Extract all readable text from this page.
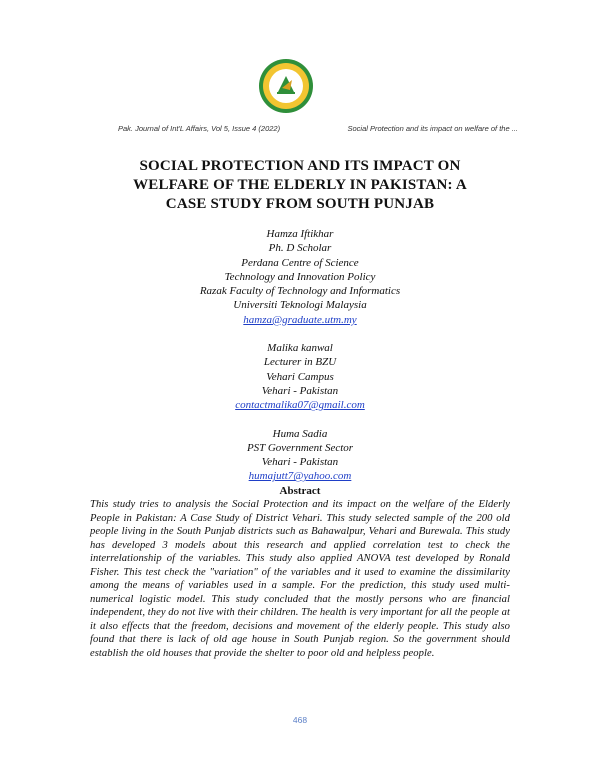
Pak. Journal of Int'L Affairs, Vol 5, Issue 4 (2022)	Social Protection and its impact on welfare of the ...
SOCIAL PROTECTION AND ITS IMPACT ON
WELFARE OF THE ELDERLY IN PAKISTAN: A
CASE STUDY FROM SOUTH PUNJAB
Hamza Iftikhar
Ph. D Scholar
Perdana Centre of Science
Technology and Innovation Policy
Razak Faculty of Technology and Informatics
Universiti Teknologi Malaysia
hamza@graduate.utm.my
Malika kanwal
Lecturer in BZU
Vehari Campus
Vehari - Pakistan
contactmalika07@gmail.com
Huma Sadia
PST Government Sector
Vehari - Pakistan
humajutt7@yahoo.com
Abstract
This study tries to analysis the Social Protection and its impact on the welfare of the Elderly People in Pakistan: A Case Study of District Vehari. This study selected sample of the 200 old people living in the South Punjab districts such as Bahawalpur, Vehari and Burewala. This study has developed 3 models about this research and applied correlation test to check the interrelationship of the variables. This study also applied ANOVA test developed by Ronald Fisher. This test check the "variation" of the variables and it used to examine the dissimilarity among the means of variables used in a sample. For the prediction, this study used multi-numerical logistic model. This study concluded that the mostly persons who are financial independent, they do not live with their children. The health is very important for all the people at it also effects that the freedom, decisions and movement of the elderly people. This study also found that there is lack of old age house in South Punjab region. So the government should establish the old houses that provide the shelter to poor old and helpless people.
468
